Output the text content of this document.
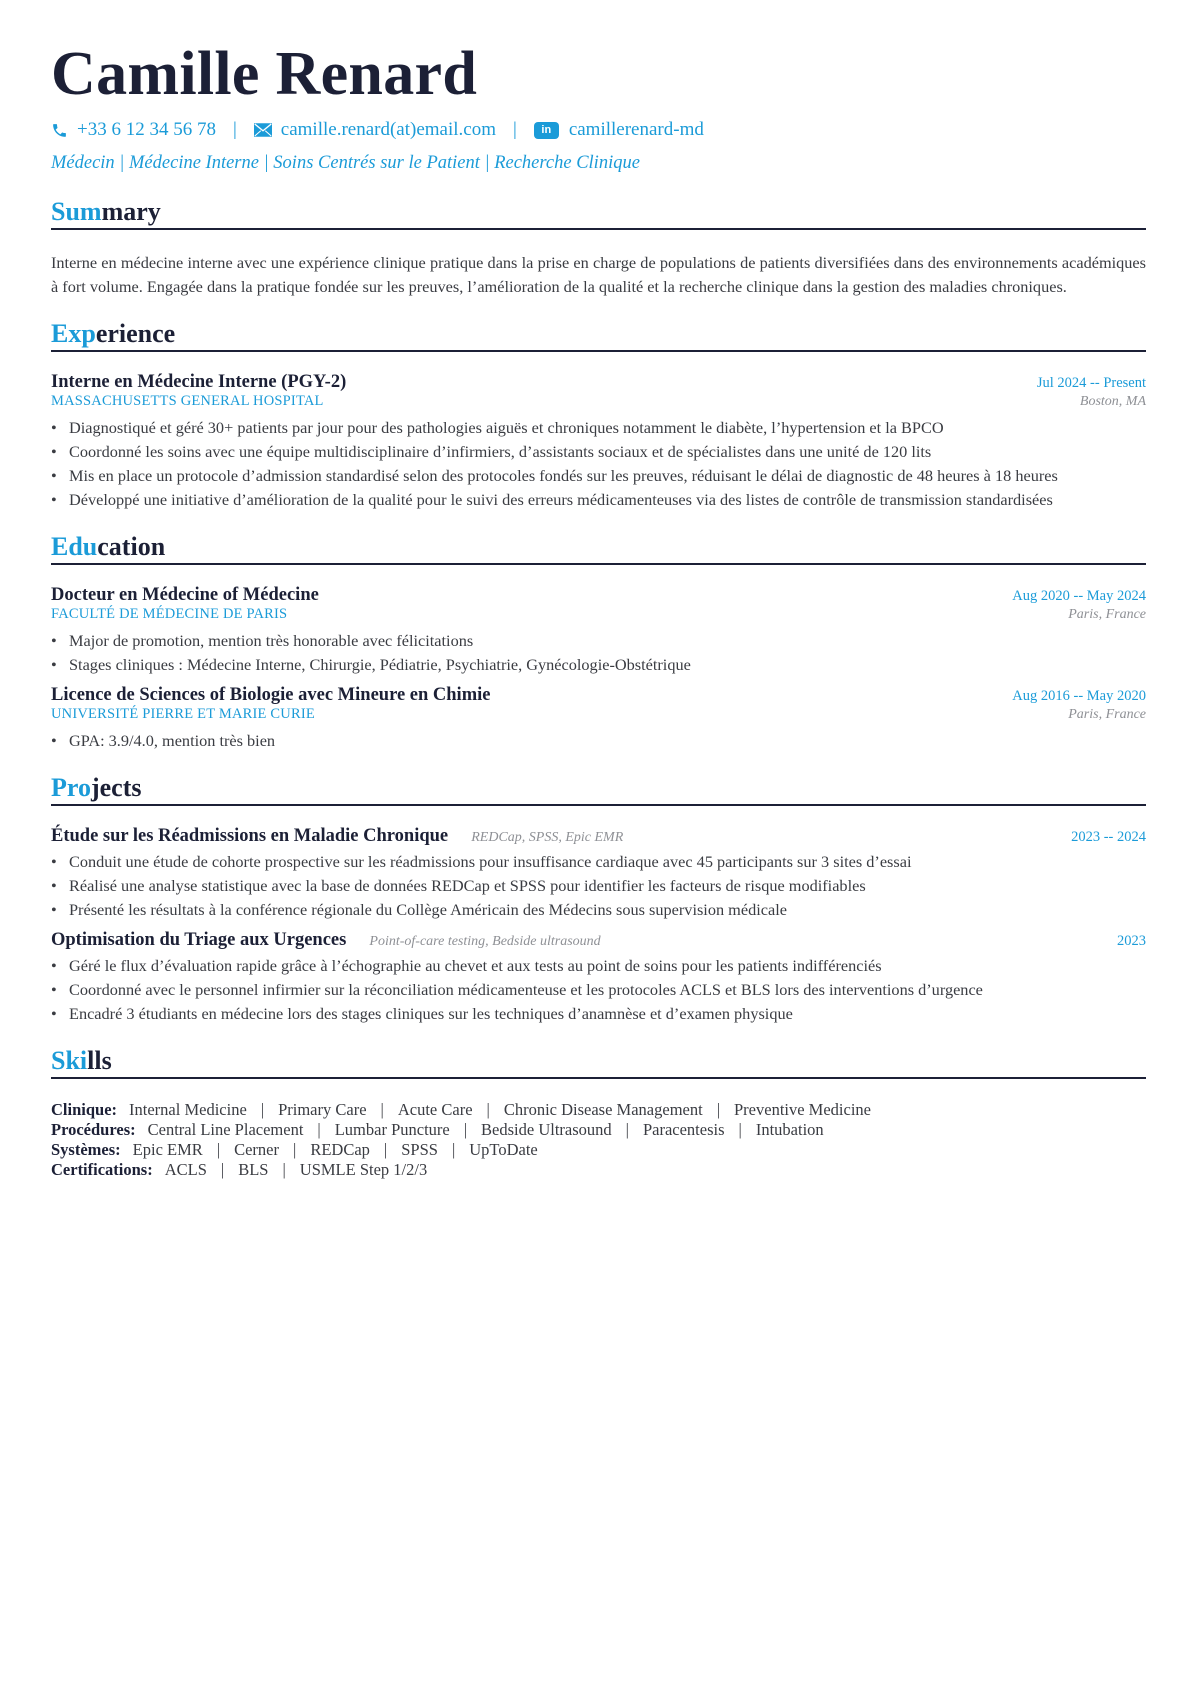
Camille Renard
+33 6 12 34 56 78 | camille.renard(at)email.com |	in camillerenard-md
Médecin | Médecine Interne | Soins Centrés sur le Patient | Recherche Clinique
Summary

Interne en médecine interne avec une expérience clinique pratique dans la prise en charge de populations de patients diversifiées dans des environnements académiques à fort volume. Engagée dans la pratique fondée sur les preuves, l’amélioration de la qualité et la recherche clinique dans la gestion des maladies chroniques.

Experience
Interne en Médecine Interne (PGY-2)	Jul 2024 -- Present
MASSACHUSETTS GENERAL HOSPITAL	Boston, MA
• Diagnostiqué et géré 30+ patients par jour pour des pathologies aiguës et chroniques notamment le diabète, l’hypertension et la BPCO
• Coordonné les soins avec une équipe multidisciplinaire d’infirmiers, d’assistants sociaux et de spécialistes dans une unité de 120 lits
• Mis en place un protocole d’admission standardisé selon des protocoles fondés sur les preuves, réduisant le délai de diagnostic de 48 heures à 18 heures
• Développé une initiative d’amélioration de la qualité pour le suivi des erreurs médicamenteuses via des listes de contrôle de transmission standardisées
Education
Docteur en Médecine of Médecine	Aug 2020 -- May 2024
FACULTÉ DE MÉDECINE DE PARIS	Paris, France
• Major de promotion, mention très honorable avec félicitations
• Stages cliniques : Médecine Interne, Chirurgie, Pédiatrie, Psychiatrie, Gynécologie-Obstétrique
Licence de Sciences of Biologie avec Mineure en Chimie	Aug 2016 -- May 2020
UNIVERSITÉ PIERRE ET MARIE CURIE	Paris, France
• GPA: 3.9/4.0, mention très bien
Projects
Étude sur les Réadmissions en Maladie Chronique REDCap, SPSS, Epic EMR	2023 -- 2024
• Conduit une étude de cohorte prospective sur les réadmissions pour insuffisance cardiaque avec 45 participants sur 3 sites d’essai
• Réalisé une analyse statistique avec la base de données REDCap et SPSS pour identifier les facteurs de risque modifiables
• Présenté les résultats à la conférence régionale du Collège Américain des Médecins sous supervision médicale
Optimisation du Triage aux Urgences Point-of-care testing, Bedside ultrasound	2023
• Géré le flux d’évaluation rapide grâce à l’échographie au chevet et aux tests au point de soins pour les patients indifférenciés
• Coordonné avec le personnel infirmier sur la réconciliation médicamenteuse et les protocoles ACLS et BLS lors des interventions d’urgence
• Encadré 3 étudiants en médecine lors des stages cliniques sur les techniques d’anamnèse et d’examen physique
Skills
Clinique: Internal Medicine | Primary Care | Acute Care | Chronic Disease Management | Preventive Medicine
Procédures: Central Line Placement | Lumbar Puncture | Bedside Ultrasound | Paracentesis | Intubation
Systèmes: Epic EMR | Cerner | REDCap | SPSS | UpToDate
Certifications: ACLS | BLS | USMLE Step 1/2/3
